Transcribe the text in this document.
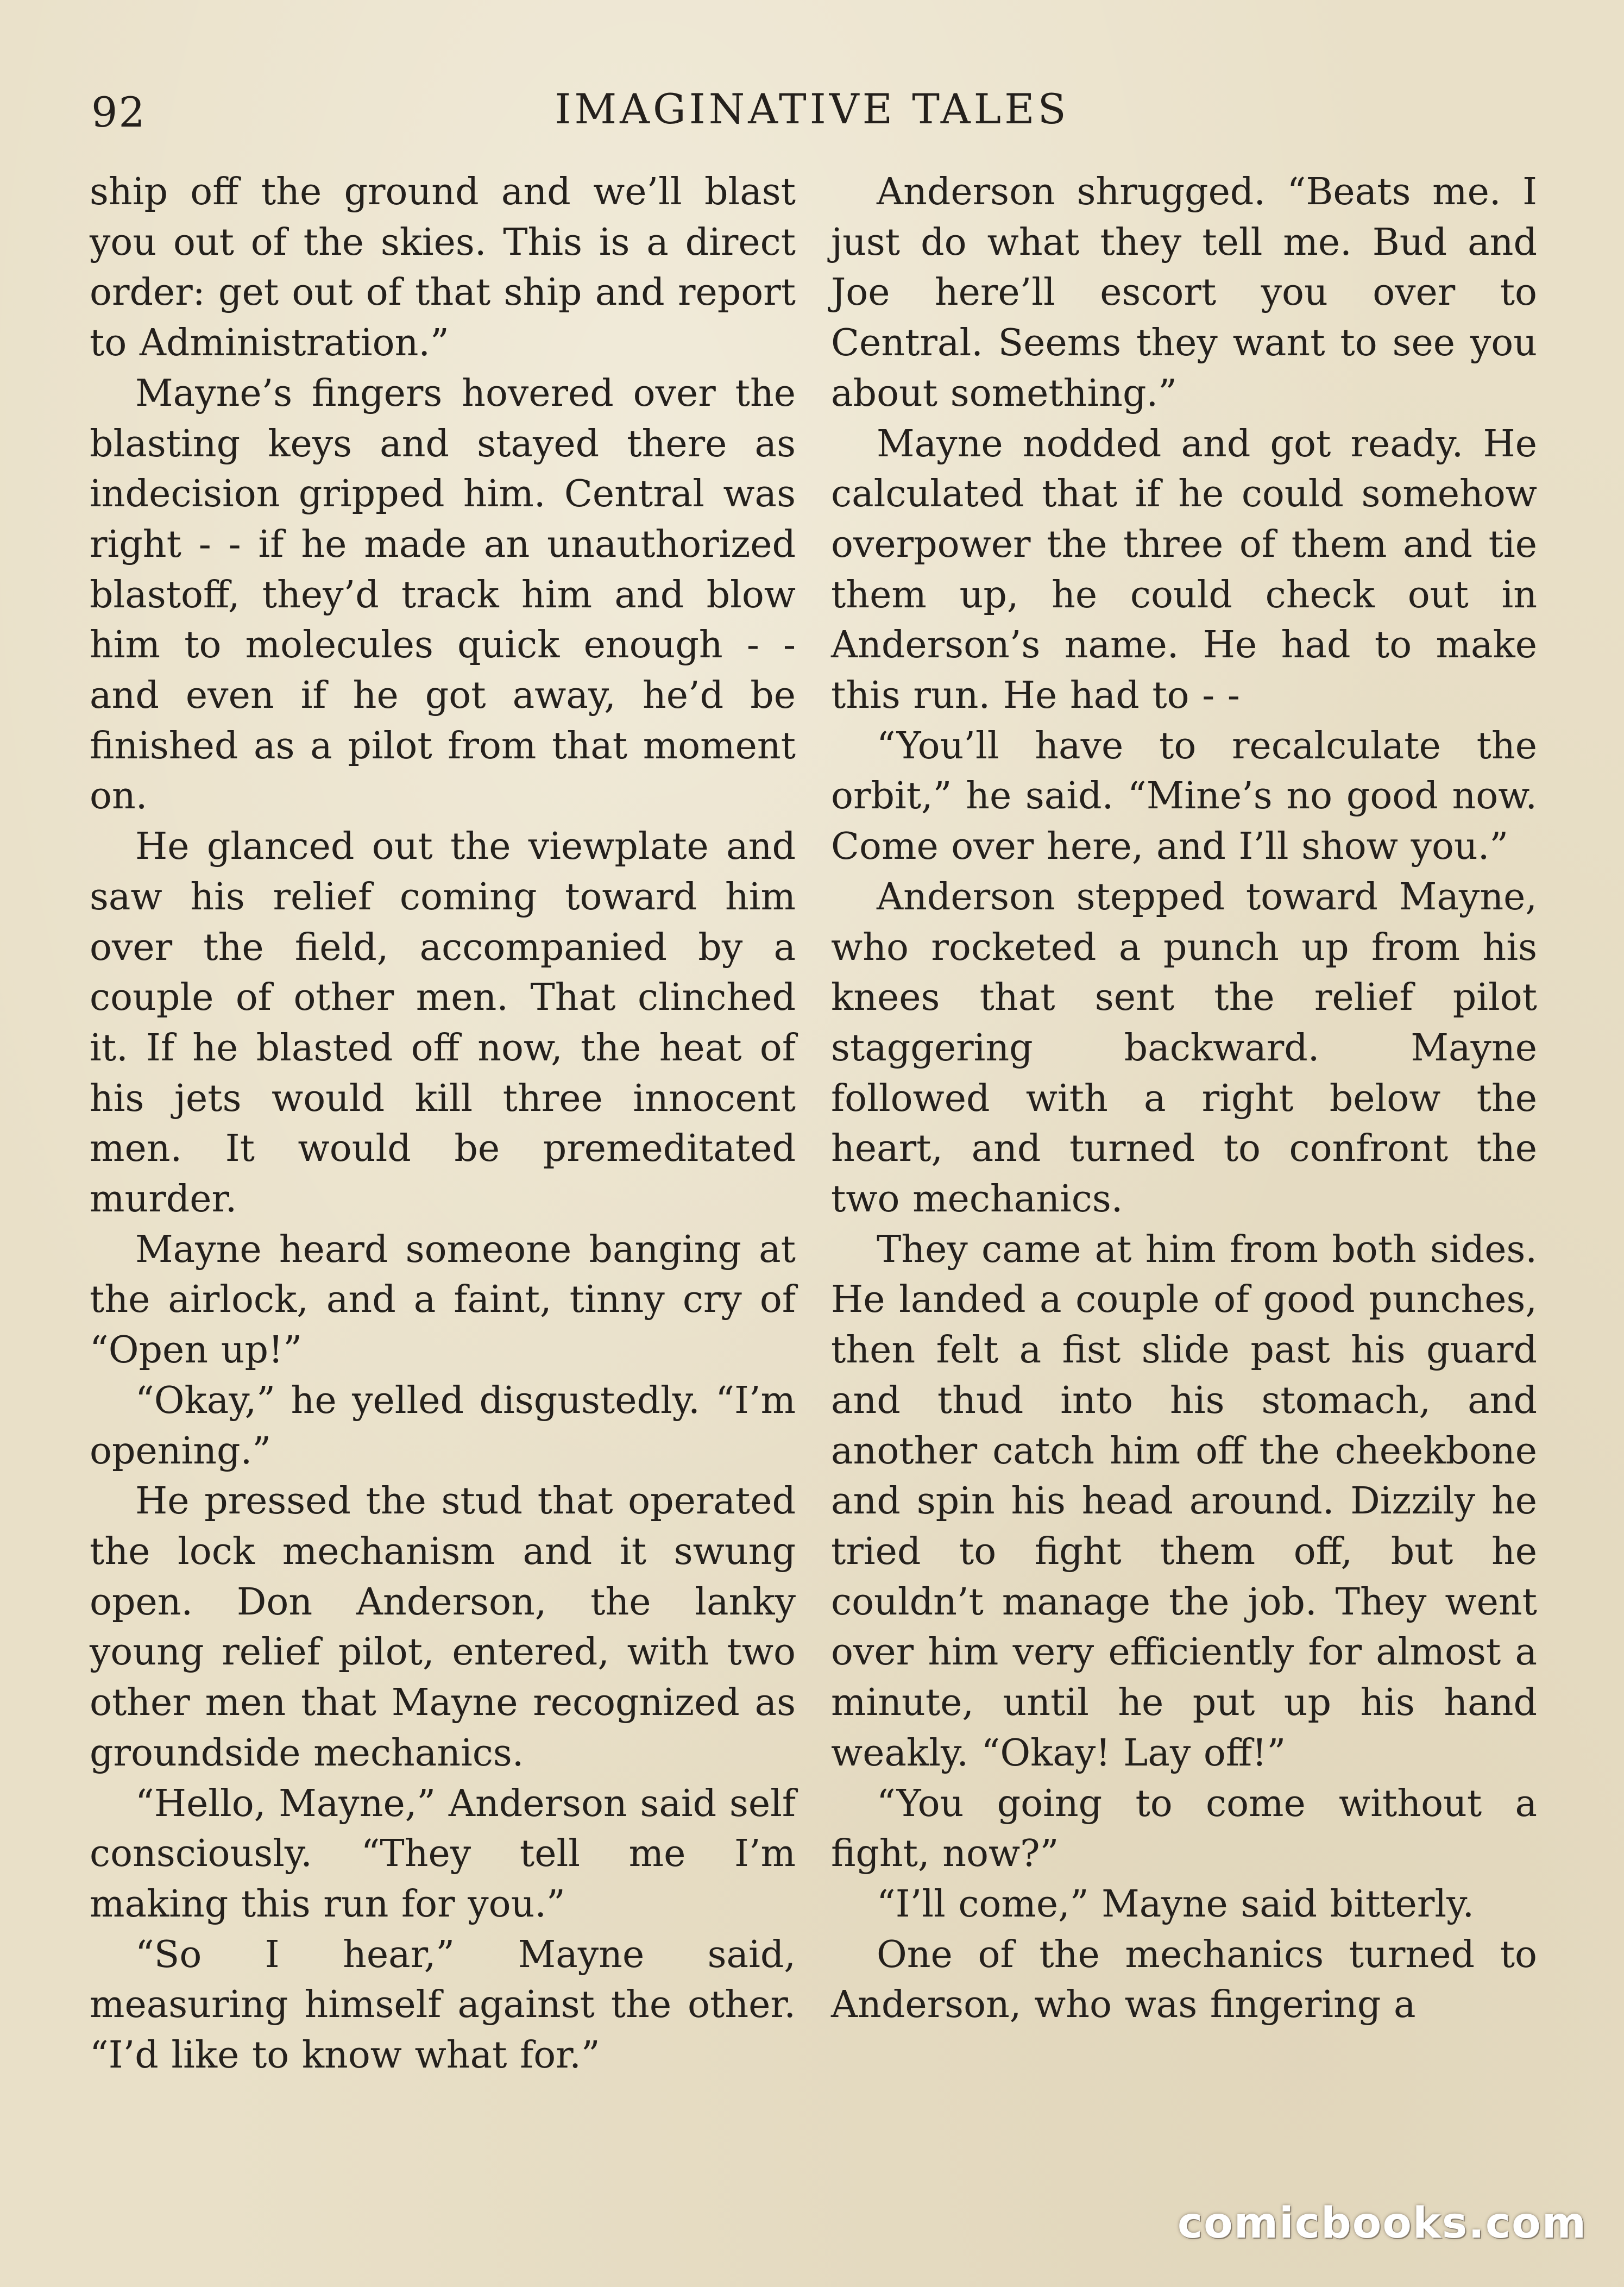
92	IMAGINATIVE TALES

ship off the ground and we’ll blast you out of the skies. This is a direct order: get out of that ship and report to Administration.”

Mayne’s fingers hovered over the blasting keys and stayed there as indecision gripped him. Central was right - - if he made an unauthorized blastoff, they’d track him and blow him to molecules quick enough - - and even if he got away, he’d be finished as a pilot from that moment on.

He glanced out the viewplate and saw his relief coming toward him over the field, accompanied by a couple of other men. That clinched it. If he blasted off now, the heat of his jets would kill three innocent men. It would be premeditated murder.

Mayne heard someone banging at the airlock, and a faint, tinny cry of “Open up!”

“Okay,” he yelled disgustedly. “I’m opening.”

He pressed the stud that operated the lock mechanism and it swung open. Don Anderson, the lanky young relief pilot, entered, with two other men that Mayne recognized as groundside mechanics.

“Hello, Mayne,” Anderson said self consciously. “They tell me I’m making this run for you.”

“So I hear,” Mayne said, measuring himself against the other. “I’d like to know what for.”

Anderson shrugged. “Beats me. I just do what they tell me. Bud and Joe here’ll escort you over to Central. Seems they want to see you about something.”

Mayne nodded and got ready. He calculated that if he could somehow overpower the three of them and tie them up, he could check out in Anderson’s name. He had to make this run. He had to - -

“You’ll have to recalculate the orbit,” he said. “Mine’s no good now. Come over here, and I’ll show you.”

Anderson stepped toward Mayne, who rocketed a punch up from his knees that sent the relief pilot staggering backward. Mayne followed with a right below the heart, and turned to confront the two mechanics.

They came at him from both sides. He landed a couple of good punches, then felt a fist slide past his guard and thud into his stomach, and another catch him off the cheekbone and spin his head around. Dizzily he tried to fight them off, but he couldn’t manage the job. They went over him very efficiently for almost a minute, until he put up his hand weakly. “Okay! Lay off!”

“You going to come without a fight, now?”

“I’ll come,” Mayne said bitterly.

One of the mechanics turned to Anderson, who was fingering a

comicbooks.com
